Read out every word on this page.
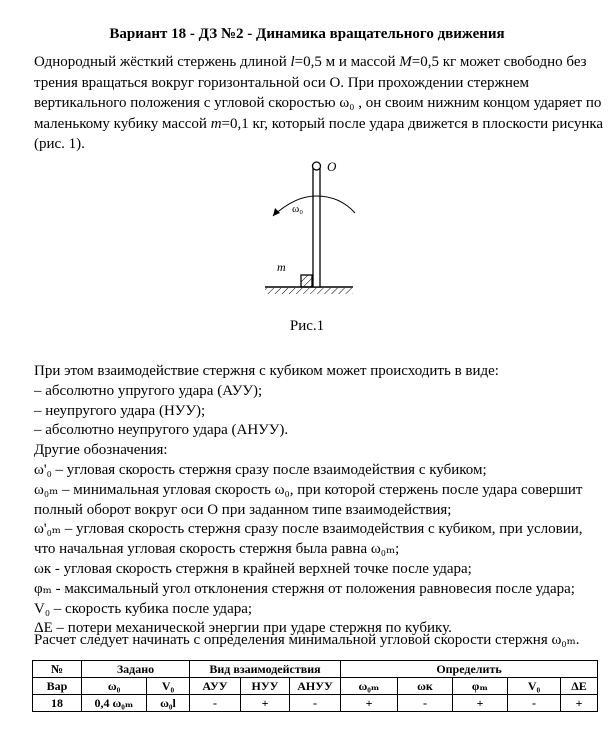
Вариант 18 - ДЗ №2 - Динамика вращательного движения
Однородный жёсткий стержень длиной l=0,5 м и массой M=0,5 кг может свободно без трения вращаться вокруг горизонтальной оси О. При прохождении стержнем вертикального положения с угловой скоростью ω₀ , он своим нижним концом ударяет по маленькому кубику массой m=0,1 кг, который после удара движется в плоскости рисунка (рис. 1).
O
ω₀
m
Рис.1
При этом взаимодействие стержня с кубиком может происходить в виде:
– абсолютно упругого удара (АУУ);
– неупругого удара (НУУ);
– абсолютно неупругого удара (АНУУ).
Другие обозначения:
ω'₀ – угловая скорость стержня сразу после взаимодействия с кубиком;
ω₀ₘ – минимальная угловая скорость ω₀, при которой стержень после удара совершит полный оборот вокруг оси О при заданном типе взаимодействия;
ω'₀ₘ – угловая скорость стержня сразу после взаимодействия с кубиком, при условии, что начальная угловая скорость стержня была равна ω₀ₘ;
ωк - угловая скорость стержня в крайней верхней точке после удара;
φₘ - максимальный угол отклонения стержня от положения равновесия после удара;
V₀ – скорость кубика после удара;
ΔE – потери механической энергии при ударе стержня по кубику.
Расчет следует начинать с определения минимальной угловой скорости стержня ω₀ₘ.
№	Задано		Вид взаимодействия			Определить				
Вар	ω₀	V₀	АУУ	НУУ	АНУУ	ω₀ₘ	ωк	φₘ	V₀	ΔE
18	0,4 ω₀ₘ	ω₀l	-	+	-	+	-	+	-	+
